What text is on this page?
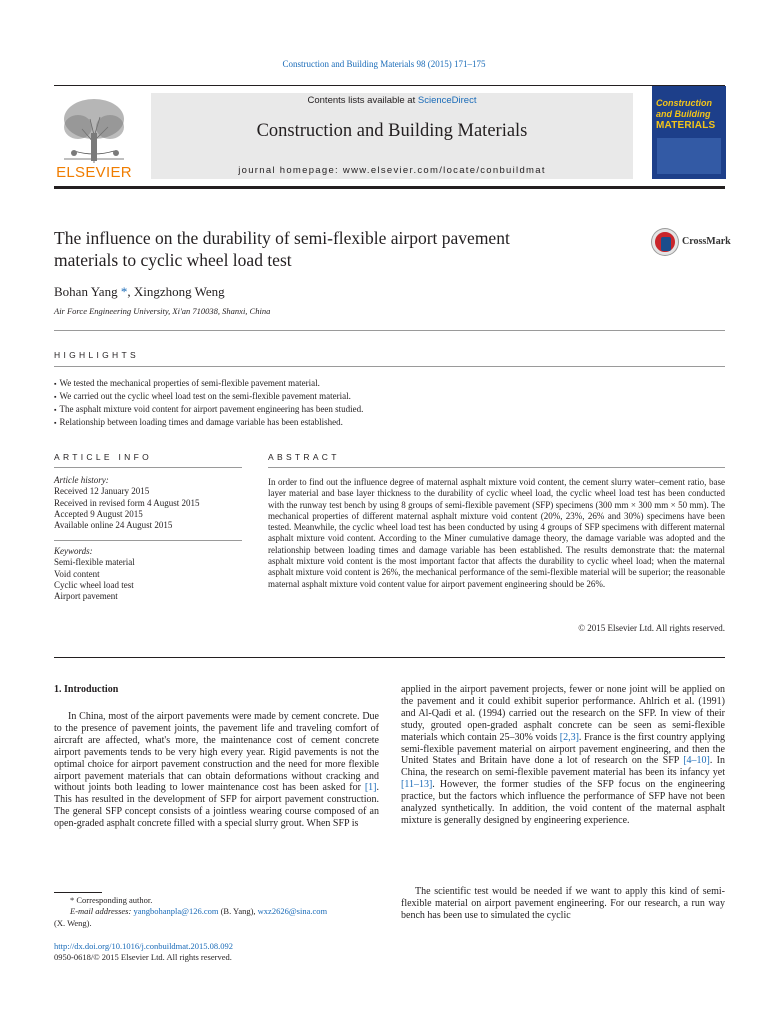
Construction and Building Materials 98 (2015) 171–175
ELSEVIER
Contents lists available at ScienceDirect
Construction and Building Materials
journal homepage: www.elsevier.com/locate/conbuildmat
Construction
and Building
MATERIALS
The influence on the durability of semi-flexible airport pavement
materials to cyclic wheel load test
CrossMark
Bohan Yang *, Xingzhong Weng
Air Force Engineering University, Xi'an 710038, Shanxi, China
HIGHLIGHTS
▪ We tested the mechanical properties of semi-flexible pavement material.
▪ We carried out the cyclic wheel load test on the semi-flexible pavement material.
▪ The asphalt mixture void content for airport pavement engineering has been studied.
▪ Relationship between loading times and damage variable has been established.
ARTICLE INFO	ABSTRACT
Article history:
Received 12 January 2015
Received in revised form 4 August 2015
Accepted 9 August 2015
Available online 24 August 2015
Keywords:
Semi-flexible material
Void content
Cyclic wheel load test
Airport pavement
In order to find out the influence degree of maternal asphalt mixture void content, the cement slurry water–cement ratio, base layer material and base layer thickness to the durability of cyclic wheel load, the cyclic wheel load test has been conducted with the runway test bench by using 8 groups of semi-flexible pavement (SFP) specimens (300 mm × 300 mm × 50 mm). The mechanical properties of different maternal asphalt mixture void content (20%, 23%, 26% and 30%) specimens have been tested. Meanwhile, the cyclic wheel load test has been conducted by using 4 groups of SFP specimens with different maternal asphalt mixture void content. According to the Miner cumulative damage theory, the damage variable was adopted and the relationship between loading times and damage variable has been established. The results demonstrate that: the maternal asphalt mixture void content is the most important factor that affects the durability to cyclic wheel load; when the maternal asphalt mixture void content is 26%, the mechanical performance of the semi-flexible material will be superior; the reasonable maternal asphalt mixture void content value for airport pavement engineering should be 26%.
© 2015 Elsevier Ltd. All rights reserved.
1. Introduction
In China, most of the airport pavements were made by cement concrete. Due to the presence of pavement joints, the pavement life and traveling comfort of aircraft are affected, what's more, the maintenance cost of cement concrete airport pavements tends to be very high every year. Rigid pavements is not the optimal choice for airport pavement construction and the need for more flexible airport pavement materials that can obtain deformations without cracking and without joints both leading to lower maintenance cost has been asked for [1]. This has resulted in the development of SFP for airport pavement construction. The general SFP concept consists of a jointless wearing course composed of an open-graded asphalt concrete filled with a special slurry grout. When SFP is
applied in the airport pavement projects, fewer or none joint will be applied on the pavement and it could exhibit superior performance. Ahlrich et al. (1991) and Al-Qadi et al. (1994) carried out the research on the SFP. In view of their study, grouted open-graded asphalt concrete can be seen as semi-flexible materials which contain 25–30% voids [2,3]. France is the first country applying semi-flexible pavement material on airport pavement engineering, and then the United States and Britain have done a lot of research on the SFP [4–10]. In China, the research on semi-flexible pavement material has been its infancy yet [11–13]. However, the former studies of the SFP focus on the engineering practice, but the factors which influence the performance of SFP have not been analyzed synthetically. In addition, the void content of the maternal asphalt mixture is generally designed by engineering experience.
The scientific test would be needed if we want to apply this kind of semi-flexible material on airport pavement engineering. For our research, a run way bench has been use to simulated the cyclic
* Corresponding author.
E-mail addresses: yangbohanpla@126.com (B. Yang), wxz2626@sina.com
(X. Weng).
http://dx.doi.org/10.1016/j.conbuildmat.2015.08.092
0950-0618/© 2015 Elsevier Ltd. All rights reserved.
